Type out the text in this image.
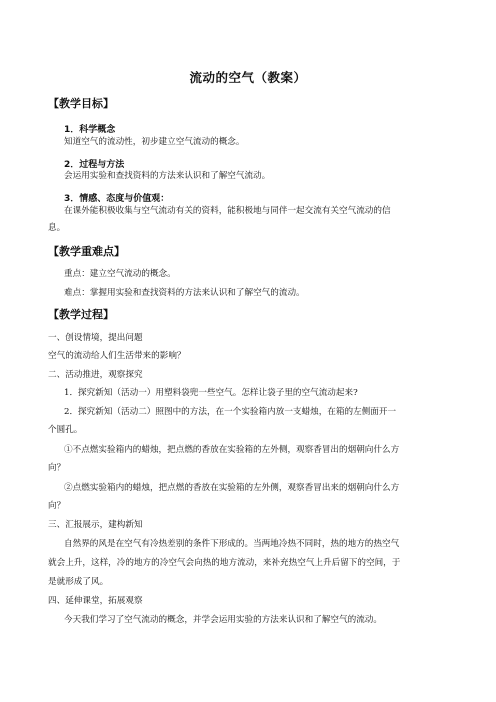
流动的空气（教案）
【教学目标】
1．科学概念
知道空气的流动性，初步建立空气流动的概念。
2．过程与方法
会运用实验和查找资料的方法来认识和了解空气流动。
3．情感、态度与价值观：
在课外能积极收集与空气流动有关的资料，能积极地与同伴一起交流有关空气流动的信
息。
【教学重难点】
重点：建立空气流动的概念。
难点：掌握用实验和查找资料的方法来认识和了解空气的流动。
【教学过程】
一、创设情境，提出问题
空气的流动给人们生活带来的影响？
二、活动推进，观察探究
1．探究新知（活动一）用塑料袋兜一些空气。怎样让袋子里的空气流动起来?
2．探究新知（活动二）照图中的方法，在一个实验箱内放一支蜡烛，在箱的左侧面开一
个圆孔。
①不点燃实验箱内的蜡烛，把点燃的香放在实验箱的左外侧，观察香冒出的烟朝向什么方
向？
②点燃实验箱内的蜡烛，把点燃的香放在实验箱的左外侧，观察香冒出来的烟朝向什么方
向？
三、汇报展示，建构新知
自然界的风是在空气有冷热差别的条件下形成的。当两地冷热不同时，热的地方的热空气
就会上升，这样，冷的地方的冷空气会向热的地方流动，来补充热空气上升后留下的空间，于
是就形成了风。
四、延伸课堂，拓展观察
今天我们学习了空气流动的概念，并学会运用实验的方法来认识和了解空气的流动。
